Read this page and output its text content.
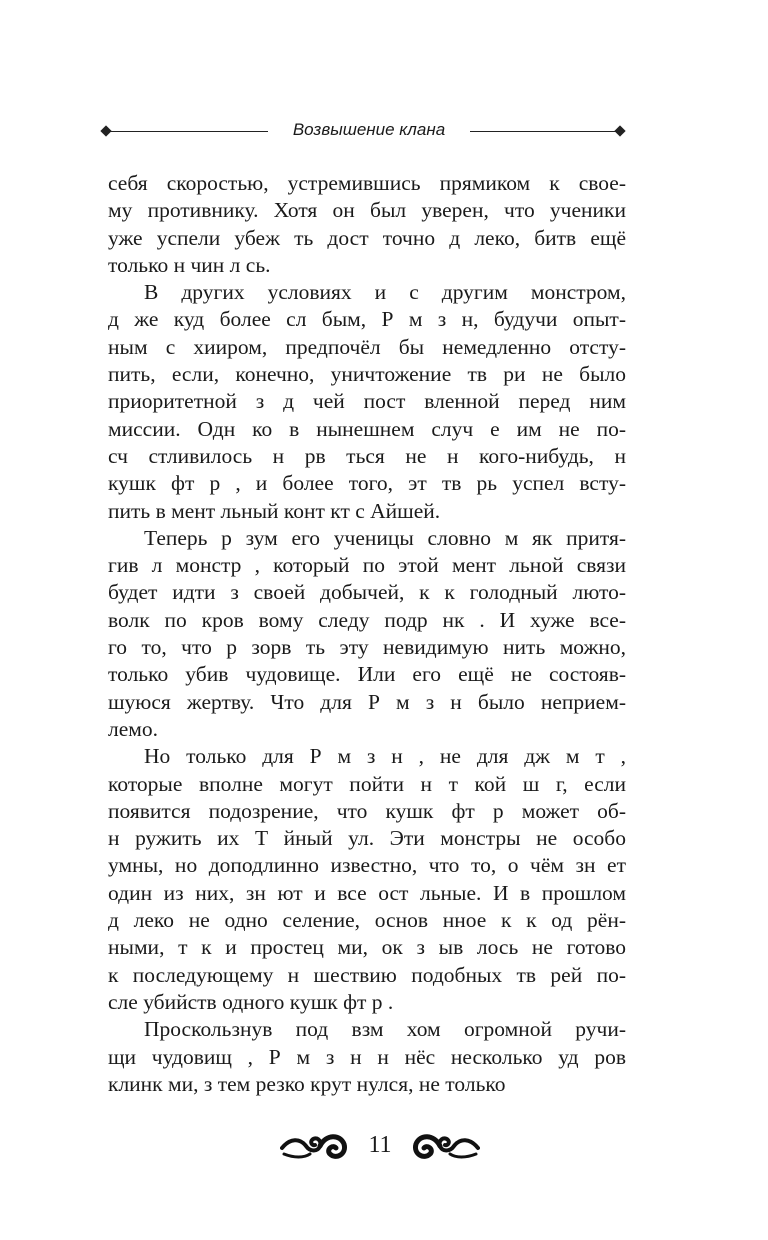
Возвышение клана

себя скоростью, устремившись прямиком к свое-
му противнику. Хотя он был уверен, что ученики
уже успели убеж ть дост точно д леко, битв ещё
только н чин л сь.

В других условиях и с другим монстром,
д же куд более сл бым, Р м з н, будучи опыт-
ным с хииром, предпочёл бы немедленно отсту-
пить, если, конечно, уничтожение тв ри не было
приоритетной з д чей пост вленной перед ним
миссии. Одн ко в нынешнем случ е им не по-
сч стливилось н рв ться не н кого-нибудь, н
кушк фт р , и более того, эт тв рь успел всту-
пить в мент льный конт кт с Айшей.

Теперь р зум его ученицы словно м як притя-
гив л монстр , который по этой мент льной связи
будет идти з своей добычей, к к голодный люто-
волк по кров вому следу подр нк . И хуже все-
го то, что р зорв ть эту невидимую нить можно,
только убив чудовище. Или его ещё не состояв-
шуюся жертву. Что для Р м з н было неприем-
лемо.

Но только для Р м з н , не для дж м т ,
которые вполне могут пойти н т кой ш г, если
появится подозрение, что кушк фт р может об-
н ружить их Т йный ул. Эти монстры не особо
умны, но доподлинно известно, что то, о чём зн ет
один из них, зн ют и все ост льные. И в прошлом
д леко не одно селение, основ нное к к од рён-
ными, т к и простец ми, ок з ыв лось не готово
к последующему н шествию подобных тв рей по-
сле убийств одного кушк фт р .

Проскользнув под взм хом огромной ручи-
щи чудовищ , Р м з н н нёс несколько уд ров
клинк ми, з тем резко крут нулся, не только

11
